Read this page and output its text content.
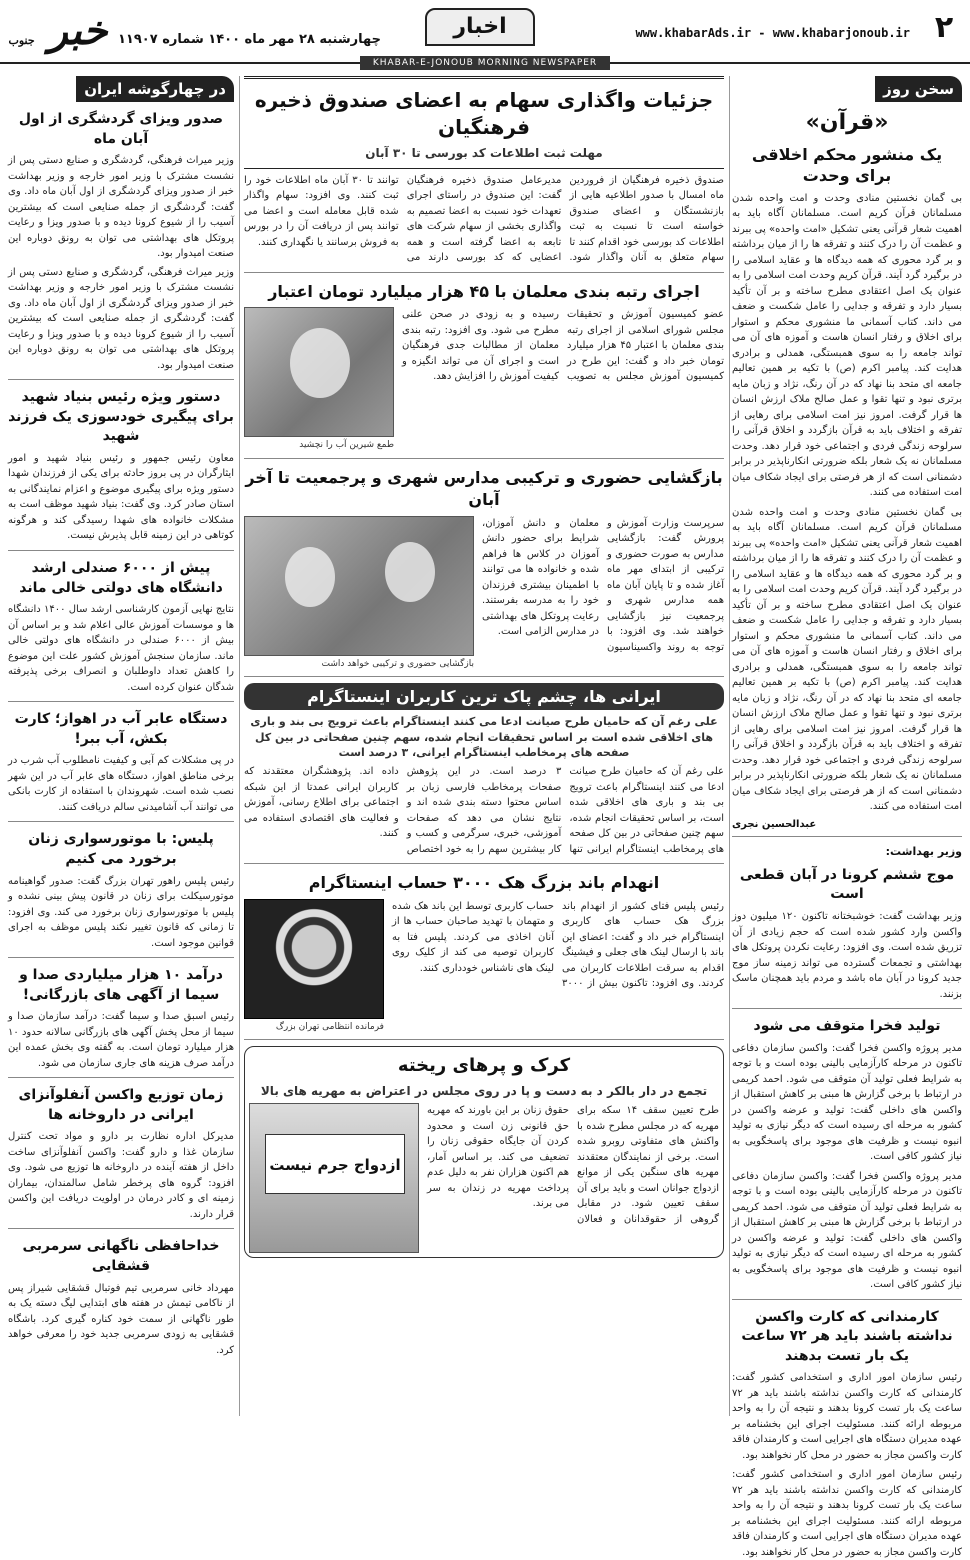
۲
www.khabarAds.ir - www.khabarjonoub.ir
اخبار
چهارشنبه ۲۸ مهر ماه ۱۴۰۰ شماره ۱۱۹۰۷
خبر جنوب
KHABAR-E-JONOUB MORNING NEWSPAPER
سخن روز
«قرآن»
یک منشور محکم اخلاقی برای وحدت

بی گمان نخستین منادی وحدت و امت واحده شدن مسلمانان قرآن کریم است. مسلمانان آگاه باید به اهمیت شعار قرآنی یعنی تشکیل «امت واحده» پی ببرند و عظمت آن را درک کنند و تفرقه ها را از میان برداشته و بر گرد محوری که همه دیدگاه ها و عقاید اسلامی را در برگیرد گرد آیند. قرآن کریم وحدت امت اسلامی را به عنوان یک اصل اعتقادی مطرح ساخته و بر آن تأکید بسیار دارد و تفرقه و جدایی را عامل شکست و ضعف می داند. کتاب آسمانی ما منشوری محکم و استوار برای اخلاق و رفتار انسان هاست و آموزه های آن می تواند جامعه را به سوی همبستگی، همدلی و برادری هدایت کند. پیامبر اکرم (ص) با تکیه بر همین تعالیم جامعه ای متحد بنا نهاد که در آن رنگ، نژاد و زبان مایه برتری نبود و تنها تقوا و عمل صالح ملاک ارزش انسان ها قرار گرفت. امروز نیز امت اسلامی برای رهایی از تفرقه و اختلاف باید به قرآن بازگردد و اخلاق قرآنی را سرلوحه زندگی فردی و اجتماعی خود قرار دهد. وحدت مسلمانان نه یک شعار بلکه ضرورتی انکارناپذیر در برابر دشمنانی است که از هر فرصتی برای ایجاد شکاف میان امت استفاده می کنند.

بی گمان نخستین منادی وحدت و امت واحده شدن مسلمانان قرآن کریم است. مسلمانان آگاه باید به اهمیت شعار قرآنی یعنی تشکیل «امت واحده» پی ببرند و عظمت آن را درک کنند و تفرقه ها را از میان برداشته و بر گرد محوری که همه دیدگاه ها و عقاید اسلامی را در برگیرد گرد آیند. قرآن کریم وحدت امت اسلامی را به عنوان یک اصل اعتقادی مطرح ساخته و بر آن تأکید بسیار دارد و تفرقه و جدایی را عامل شکست و ضعف می داند. کتاب آسمانی ما منشوری محکم و استوار برای اخلاق و رفتار انسان هاست و آموزه های آن می تواند جامعه را به سوی همبستگی، همدلی و برادری هدایت کند. پیامبر اکرم (ص) با تکیه بر همین تعالیم جامعه ای متحد بنا نهاد که در آن رنگ، نژاد و زبان مایه برتری نبود و تنها تقوا و عمل صالح ملاک ارزش انسان ها قرار گرفت. امروز نیز امت اسلامی برای رهایی از تفرقه و اختلاف باید به قرآن بازگردد و اخلاق قرآنی را سرلوحه زندگی فردی و اجتماعی خود قرار دهد. وحدت مسلمانان نه یک شعار بلکه ضرورتی انکارناپذیر در برابر دشمنانی است که از هر فرصتی برای ایجاد شکاف میان امت استفاده می کنند.

عبدالحسین نجری
وزیر بهداشت:
موج ششم کرونا در آبان قطعی است

وزیر بهداشت گفت: خوشبختانه تاکنون ۱۲۰ میلیون دوز واکسن وارد کشور شده است که حجم زیادی از آن تزریق شده است. وی افزود: رعایت نکردن پروتکل های بهداشتی و تجمعات گسترده می تواند زمینه ساز موج جدید کرونا در آبان ماه باشد و مردم باید همچنان ماسک بزنند.

تولید فخرا متوقف می شود

مدیر پروژه واکسن فخرا گفت: واکسن سازمان دفاعی تاکنون در مرحله کارآزمایی بالینی بوده است و با توجه به شرایط فعلی تولید آن متوقف می شود. احمد کریمی در ارتباط با برخی گزارش ها مبنی بر کاهش استقبال از واکسن های داخلی گفت: تولید و عرضه واکسن در کشور به مرحله ای رسیده است که دیگر نیازی به تولید انبوه نیست و ظرفیت های موجود برای پاسخگویی به نیاز کشور کافی است.

مدیر پروژه واکسن فخرا گفت: واکسن سازمان دفاعی تاکنون در مرحله کارآزمایی بالینی بوده است و با توجه به شرایط فعلی تولید آن متوقف می شود. احمد کریمی در ارتباط با برخی گزارش ها مبنی بر کاهش استقبال از واکسن های داخلی گفت: تولید و عرضه واکسن در کشور به مرحله ای رسیده است که دیگر نیازی به تولید انبوه نیست و ظرفیت های موجود برای پاسخگویی به نیاز کشور کافی است.

کارمندانی که کارت واکسن نداشته باشند باید هر ۷۲ ساعت یک بار تست بدهند

رئیس سازمان امور اداری و استخدامی کشور گفت: کارمندانی که کارت واکسن نداشته باشند باید هر ۷۲ ساعت یک بار تست کرونا بدهند و نتیجه آن را به واحد مربوطه ارائه کنند. مسئولیت اجرای این بخشنامه بر عهده مدیران دستگاه های اجرایی است و کارمندان فاقد کارت واکسن مجاز به حضور در محل کار نخواهند بود.

رئیس سازمان امور اداری و استخدامی کشور گفت: کارمندانی که کارت واکسن نداشته باشند باید هر ۷۲ ساعت یک بار تست کرونا بدهند و نتیجه آن را به واحد مربوطه ارائه کنند. مسئولیت اجرای این بخشنامه بر عهده مدیران دستگاه های اجرایی است و کارمندان فاقد کارت واکسن مجاز به حضور در محل کار نخواهند بود.

جزئیات واگذاری سهام به اعضای صندوق ذخیره فرهنگیان
مهلت ثبت اطلاعات کد بورسی تا ۳۰ آبان

صندوق ذخیره فرهنگیان از فروردین ماه امسال با صدور اطلاعیه هایی از بازنشستگان و اعضای صندوق خواسته است تا نسبت به ثبت اطلاعات کد بورسی خود اقدام کنند تا سهام متعلق به آنان واگذار شود. مدیرعامل صندوق ذخیره فرهنگیان گفت: این صندوق در راستای اجرای تعهدات خود نسبت به اعضا تصمیم به واگذاری بخشی از سهام شرکت های تابعه به اعضا گرفته است و همه اعضایی که کد بورسی دارند می توانند تا ۳۰ آبان ماه اطلاعات خود را ثبت کنند. وی افزود: سهام واگذار شده قابل معامله است و اعضا می توانند پس از دریافت آن را در بورس به فروش برسانند یا نگهداری کنند.

اجرای رتبه بندی معلمان با ۴۵ هزار میلیارد تومان اعتبار

عضو کمیسیون آموزش و تحقیقات مجلس شورای اسلامی از اجرای رتبه بندی معلمان با اعتبار ۴۵ هزار میلیارد تومان خبر داد و گفت: این طرح در کمیسیون آموزش مجلس به تصویب رسیده و به زودی در صحن علنی مطرح می شود. وی افزود: رتبه بندی معلمان از مطالبات جدی فرهنگیان است و اجرای آن می تواند انگیزه و کیفیت آموزش را افزایش دهد.

طمع شیرین آب را نچشید
بازگشایی حضوری و ترکیبی مدارس شهری و پرجمعیت تا آخر آبان

سرپرست وزارت آموزش و پرورش گفت: بازگشایی مدارس به صورت حضوری و ترکیبی از ابتدای مهر ماه آغاز شده و تا پایان آبان ماه همه مدارس شهری و پرجمعیت نیز بازگشایی خواهند شد. وی افزود: با توجه به روند واکسیناسیون معلمان و دانش آموزان، شرایط برای حضور دانش آموزان در کلاس ها فراهم شده و خانواده ها می توانند با اطمینان بیشتری فرزندان خود را به مدرسه بفرستند. رعایت پروتکل های بهداشتی در مدارس الزامی است.

بازگشایی حضوری و ترکیبی خواهد داشت
ایرانی ها، چشم پاک ترین کاربران اینستاگرام
علی رغم آن که حامیان طرح صیانت ادعا می کنند اینستاگرام باعث ترویج بی بند و باری های اخلاقی شده است بر اساس تحقیقات انجام شده، سهم چنین صفحاتی در بین کل صفحه های پرمخاطب اینستاگرام ایرانی، ۳ درصد است

علی رغم آن که حامیان طرح صیانت ادعا می کنند اینستاگرام باعث ترویج بی بند و باری های اخلاقی شده است، بر اساس تحقیقات انجام شده، سهم چنین صفحاتی در بین کل صفحه های پرمخاطب اینستاگرام ایرانی تنها ۳ درصد است. در این پژوهش صفحات پرمخاطب فارسی زبان بر اساس محتوا دسته بندی شده اند و نتایج نشان می دهد که صفحات آموزشی، خبری، سرگرمی و کسب و کار بیشترین سهم را به خود اختصاص داده اند. پژوهشگران معتقدند که کاربران ایرانی عمدتا از این شبکه اجتماعی برای اطلاع رسانی، آموزش و فعالیت های اقتصادی استفاده می کنند.

انهدام باند بزرگ هک ۳۰۰۰ حساب اینستاگرام

رئیس پلیس فتای کشور از انهدام باند بزرگ هک حساب های کاربری اینستاگرام خبر داد و گفت: اعضای این باند با ارسال لینک های جعلی و فیشینگ اقدام به سرقت اطلاعات کاربران می کردند. وی افزود: تاکنون بیش از ۳۰۰۰ حساب کاربری توسط این باند هک شده و متهمان با تهدید صاحبان حساب ها از آنان اخاذی می کردند. پلیس فتا به کاربران توصیه می کند از کلیک روی لینک های ناشناس خودداری کنند.

فرمانده انتظامی تهران بزرگ
کرک و پرهای ریخته
تجمع در دار بالکر د به دست و پا در روی مجلس در اعتراض به مهریه های بالا

طرح تعیین سقف ۱۴ سکه برای مهریه که در مجلس مطرح شده با واکنش های متفاوتی روبرو شده است. برخی از نمایندگان معتقدند مهریه های سنگین یکی از موانع ازدواج جوانان است و باید برای آن سقف تعیین شود. در مقابل گروهی از حقوقدانان و فعالان حقوق زنان بر این باورند که مهریه حق قانونی زن است و محدود کردن آن جایگاه حقوقی زنان را تضعیف می کند. بر اساس آمار، هم اکنون هزاران نفر به دلیل عدم پرداخت مهریه در زندان به سر می برند.

ازدواج جرم نیست
در چهارگوشه ایران
صدور ویزای گردشگری از اول آبان ماه

وزیر میراث فرهنگی، گردشگری و صنایع دستی پس از نشست مشترک با وزیر امور خارجه و وزیر بهداشت خبر از صدور ویزای گردشگری از اول آبان ماه داد. وی گفت: گردشگری از جمله صنایعی است که بیشترین آسیب را از شیوع کرونا دیده و با صدور ویزا و رعایت پروتکل های بهداشتی می توان به رونق دوباره این صنعت امیدوار بود.

وزیر میراث فرهنگی، گردشگری و صنایع دستی پس از نشست مشترک با وزیر امور خارجه و وزیر بهداشت خبر از صدور ویزای گردشگری از اول آبان ماه داد. وی گفت: گردشگری از جمله صنایعی است که بیشترین آسیب را از شیوع کرونا دیده و با صدور ویزا و رعایت پروتکل های بهداشتی می توان به رونق دوباره این صنعت امیدوار بود.

دستور ویژه رئیس بنیاد شهید برای پیگیری خودسوزی یک فرزند شهید

معاون رئیس جمهور و رئیس بنیاد شهید و امور ایثارگران در پی بروز حادثه برای یکی از فرزندان شهدا دستور ویژه برای پیگیری موضوع و اعزام نمایندگانی به استان صادر کرد. وی گفت: بنیاد شهید موظف است به مشکلات خانواده های شهدا رسیدگی کند و هرگونه کوتاهی در این زمینه قابل پذیرش نیست.

پیش از ۶۰۰۰ صندلی ارشد دانشگاه های دولتی خالی ماند

نتایج نهایی آزمون کارشناسی ارشد سال ۱۴۰۰ دانشگاه ها و موسسات آموزش عالی اعلام شد و بر اساس آن بیش از ۶۰۰۰ صندلی در دانشگاه های دولتی خالی ماند. سازمان سنجش آموزش کشور علت این موضوع را کاهش تعداد داوطلبان و انصراف برخی پذیرفته شدگان عنوان کرده است.

دستگاه عابر آب در اهواز؛ کارت بکش، آب ببر!

در پی مشکلات کم آبی و کیفیت نامطلوب آب شرب در برخی مناطق اهواز، دستگاه های عابر آب در این شهر نصب شده است. شهروندان با استفاده از کارت بانکی می توانند آب آشامیدنی سالم دریافت کنند.

پلیس: با موتورسواری زنان برخورد می کنیم

رئیس پلیس راهور تهران بزرگ گفت: صدور گواهینامه موتورسیکلت برای زنان در قانون پیش بینی نشده و پلیس با موتورسواری زنان برخورد می کند. وی افزود: تا زمانی که قانون تغییر نکند پلیس موظف به اجرای قوانین موجود است.

درآمد ۱۰ هزار میلیاردی صدا و سیما از آگهی های بازرگانی!

رئیس اسبق صدا و سیما گفت: درآمد سازمان صدا و سیما از محل پخش آگهی های بازرگانی سالانه حدود ۱۰ هزار میلیارد تومان است. به گفته وی بخش عمده این درآمد صرف هزینه های جاری سازمان می شود.

زمان توزیع واکسن آنفلوآنزای ایرانی در داروخانه ها

مدیرکل اداره نظارت بر دارو و مواد تحت کنترل سازمان غذا و دارو گفت: واکسن آنفلوآنزای ساخت داخل از هفته آینده در داروخانه ها توزیع می شود. وی افزود: گروه های پرخطر شامل سالمندان، بیماران زمینه ای و کادر درمان در اولویت دریافت این واکسن قرار دارند.

خداحافظی ناگهانی سرمربی قشقایی

مهرداد خانی سرمربی تیم فوتبال قشقایی شیراز پس از ناکامی تیمش در هفته های ابتدایی لیگ دسته یک به طور ناگهانی از سمت خود کناره گیری کرد. باشگاه قشقایی به زودی سرمربی جدید خود را معرفی خواهد کرد.
